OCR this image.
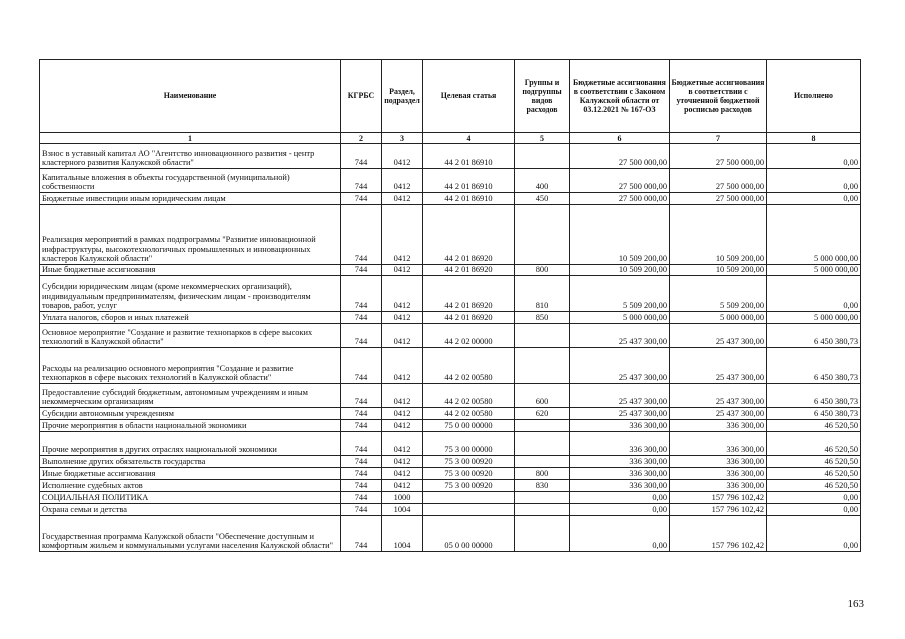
Наименование	КГРБС	Раздел, подраздел	Целевая статья	Группы и подгруппы видов расходов	Бюджетные ассигнования в соответствии с Законом Калужской области от 03.12.2021 № 167-ОЗ	Бюджетные ассигнования в соответствии с уточненной бюджетной росписью расходов	Исполнено
1	2	3	4	5	6	7	8
Взнос в уставный капитал АО "Агентство инновационного развития - центр кластерного развития Калужской области"	744	0412	44 2 01 86910		27 500 000,00	27 500 000,00	0,00
Капитальные вложения в объекты государственной (муниципальной) собственности	744	0412	44 2 01 86910	400	27 500 000,00	27 500 000,00	0,00
Бюджетные инвестиции иным юридическим лицам	744	0412	44 2 01 86910	450	27 500 000,00	27 500 000,00	0,00
Реализация мероприятий в рамках подпрограммы "Развитие инновационной инфраструктуры, высокотехнологичных промышленных и инновационных кластеров Калужской области"	744	0412	44 2 01 86920		10 509 200,00	10 509 200,00	5 000 000,00
Иные бюджетные ассигнования	744	0412	44 2 01 86920	800	10 509 200,00	10 509 200,00	5 000 000,00
Субсидии юридическим лицам (кроме некоммерческих организаций), индивидуальным предпринимателям, физическим лицам - производителям товаров, работ, услуг	744	0412	44 2 01 86920	810	5 509 200,00	5 509 200,00	0,00
Уплата налогов, сборов и иных платежей	744	0412	44 2 01 86920	850	5 000 000,00	5 000 000,00	5 000 000,00
Основное мероприятие "Создание и развитие технопарков в сфере высоких технологий в Калужской области"	744	0412	44 2 02 00000		25 437 300,00	25 437 300,00	6 450 380,73
Расходы на реализацию основного мероприятия "Создание и развитие технопарков в сфере высоких технологий в Калужской области"	744	0412	44 2 02 00580		25 437 300,00	25 437 300,00	6 450 380,73
Предоставление субсидий бюджетным, автономным учреждениям и иным некоммерческим организациям	744	0412	44 2 02 00580	600	25 437 300,00	25 437 300,00	6 450 380,73
Субсидии автономным учреждениям	744	0412	44 2 02 00580	620	25 437 300,00	25 437 300,00	6 450 380,73
Прочие мероприятия в области национальной экономики	744	0412	75 0 00 00000		336 300,00	336 300,00	46 520,50
Прочие мероприятия в других отраслях национальной экономики	744	0412	75 3 00 00000		336 300,00	336 300,00	46 520,50
Выполнение других обязательств государства	744	0412	75 3 00 00920		336 300,00	336 300,00	46 520,50
Иные бюджетные ассигнования	744	0412	75 3 00 00920	800	336 300,00	336 300,00	46 520,50
Исполнение судебных актов	744	0412	75 3 00 00920	830	336 300,00	336 300,00	46 520,50
СОЦИАЛЬНАЯ ПОЛИТИКА	744	1000			0,00	157 796 102,42	0,00
Охрана семьи и детства	744	1004			0,00	157 796 102,42	0,00
Государственная программа Калужской области "Обеспечение доступным и комфортным жильем и коммунальными услугами населения Калужской области"	744	1004	05 0 00 00000		0,00	157 796 102,42	0,00
163
